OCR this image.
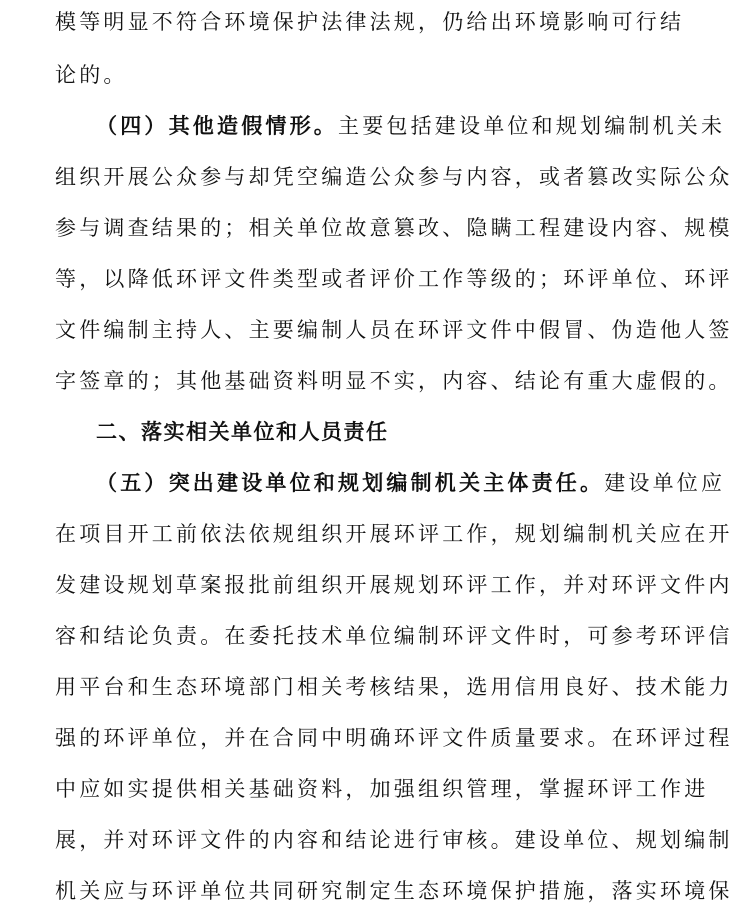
模等明显不符合环境保护法律法规，仍给出环境影响可行结
论的。
（四）其他造假情形。主要包括建设单位和规划编制机关未
组织开展公众参与却凭空编造公众参与内容，或者篡改实际公众
参与调查结果的；相关单位故意篡改、隐瞒工程建设内容、规模
等，以降低环评文件类型或者评价工作等级的；环评单位、环评
文件编制主持人、主要编制人员在环评文件中假冒、伪造他人签
字签章的；其他基础资料明显不实，内容、结论有重大虚假的。
二、落实相关单位和人员责任
（五）突出建设单位和规划编制机关主体责任。建设单位应
在项目开工前依法依规组织开展环评工作，规划编制机关应在开
发建设规划草案报批前组织开展规划环评工作，并对环评文件内
容和结论负责。在委托技术单位编制环评文件时，可参考环评信
用平台和生态环境部门相关考核结果，选用信用良好、技术能力
强的环评单位，并在合同中明确环评文件质量要求。在环评过程
中应如实提供相关基础资料，加强组织管理，掌握环评工作进
展，并对环评文件的内容和结论进行审核。建设单位、规划编制
机关应与环评单位共同研究制定生态环境保护措施，落实环境保
